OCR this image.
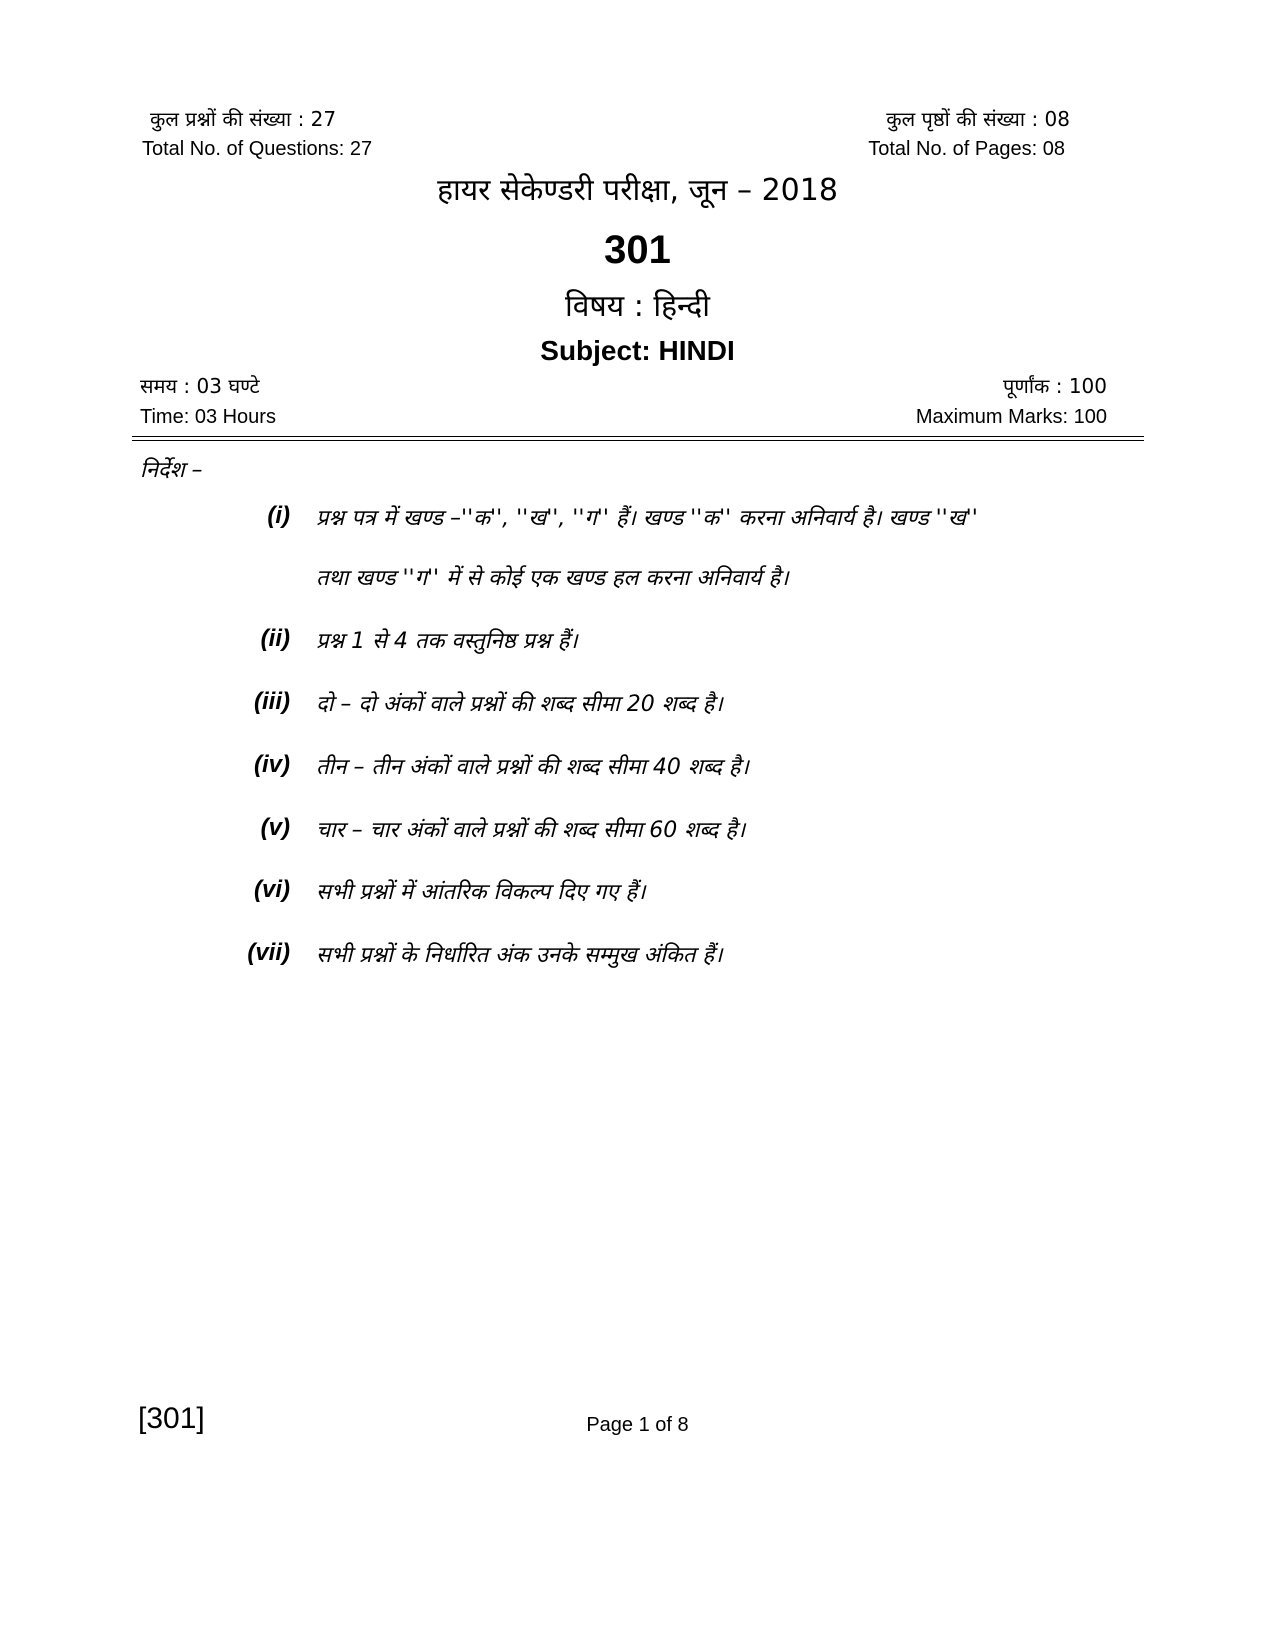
कुल प्रश्नों की संख्या : 27
Total No. of Questions: 27
कुल पृष्ठों की संख्या : 08
Total No. of Pages: 08
हायर सेकेण्डरी परीक्षा, जून – 2018
301
विषय : हिन्दी
Subject: HINDI
समय : 03 घण्टे
Time: 03 Hours
पूर्णांक : 100
Maximum Marks: 100
निर्देश –
(i) प्रश्न पत्र में खण्ड –''क'', ''ख'', ''ग'' हैं। खण्ड ''क'' करना अनिवार्य है। खण्ड ''ख''
तथा खण्ड ''ग'' में से कोई एक खण्ड हल करना अनिवार्य है।
(ii) प्रश्न 1 से 4 तक वस्तुनिष्ठ प्रश्न हैं।
(iii) दो – दो अंकों वाले प्रश्नों की शब्द सीमा 20 शब्द है।
(iv) तीन – तीन अंकों वाले प्रश्नों की शब्द सीमा 40 शब्द है।
(v) चार – चार अंकों वाले प्रश्नों की शब्द सीमा 60 शब्द है।
(vi) सभी प्रश्नों में आंतरिक विकल्प दिए गए हैं।
(vii) सभी प्रश्नों के निर्धारित अंक उनके सम्मुख अंकित हैं।
[301]	Page 1 of 8
